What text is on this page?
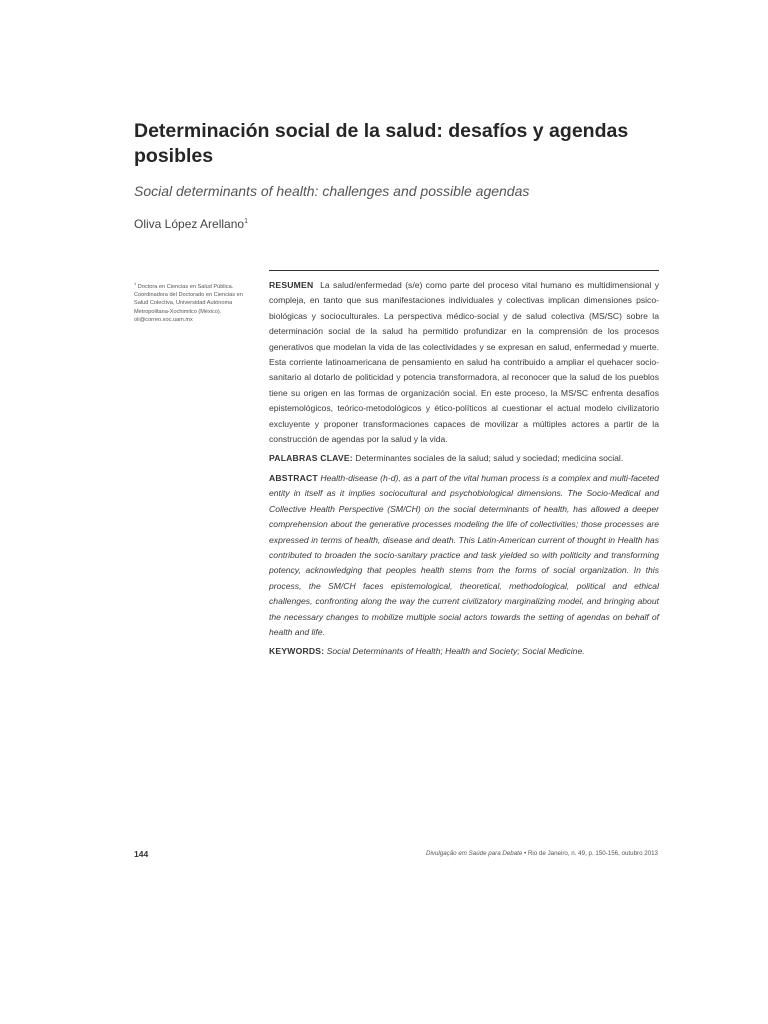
Determinación social de la salud: desafíos y agendas posibles

Social determinants of health: challenges and possible agendas

Oliva López Arellano$^1$

$^1$ Doctora en Ciencias en Salud Pública. Coordinadora del Doctorado en Ciencias en Salud Colectiva, Universidad Autónoma Metropolitana-Xochimilco (México). oli@correo.xoc.uam.mx

RESUMEN La salud/enfermedad (s/e) como parte del proceso vital humano es multidimensional y compleja, en tanto que sus manifestaciones individuales y colectivas implican dimensiones psico-biológicas y socioculturales. La perspectiva médico-social y de salud colectiva (MS/SC) sobre la determinación social de la salud ha permitido profundizar en la comprensión de los procesos generativos que modelan la vida de las colectividades y se expresan en salud, enfermedad y muerte. Esta corriente latinoamericana de pensamiento en salud ha contribuido a ampliar el quehacer socio-sanitario al dotarlo de politicidad y potencia transformadora, al reconocer que la salud de los pueblos tiene su origen en las formas de organización social. En este proceso, la MS/SC enfrenta desafíos epistemológicos, teórico-metodológicos y ético-políticos al cuestionar el actual modelo civilizatorio excluyente y proponer transformaciones capaces de movilizar a múltiples actores a partir de la construcción de agendas por la salud y la vida.

PALABRAS CLAVE: Determinantes sociales de la salud; salud y sociedad; medicina social.

ABSTRACT Health-disease (h-d), as a part of the vital human process is a complex and multi-faceted entity in itself as it implies sociocultural and psychobiological dimensions. The Socio-Medical and Collective Health Perspective (SM/CH) on the social determinants of health, has allowed a deeper comprehension about the generative processes modeling the life of collectivities; those processes are expressed in terms of health, disease and death. This Latin-American current of thought in Health has contributed to broaden the socio-sanitary practice and task yielded so with politicity and transforming potency, acknowledging that peoples health stems from the forms of social organization. In this process, the SM/CH faces epistemological, theoretical, methodological, political and ethical challenges, confronting along the way the current civilizatory marginalizing model, and bringing about the necessary changes to mobilize multiple social actors towards the setting of agendas on behalf of health and life.

KEYWORDS: Social Determinants of Health; Health and Society; Social Medicine.

144	Divulgação em Saúde para Debate • Rio de Janeiro, n. 49, p. 150-156, outubro 2013
